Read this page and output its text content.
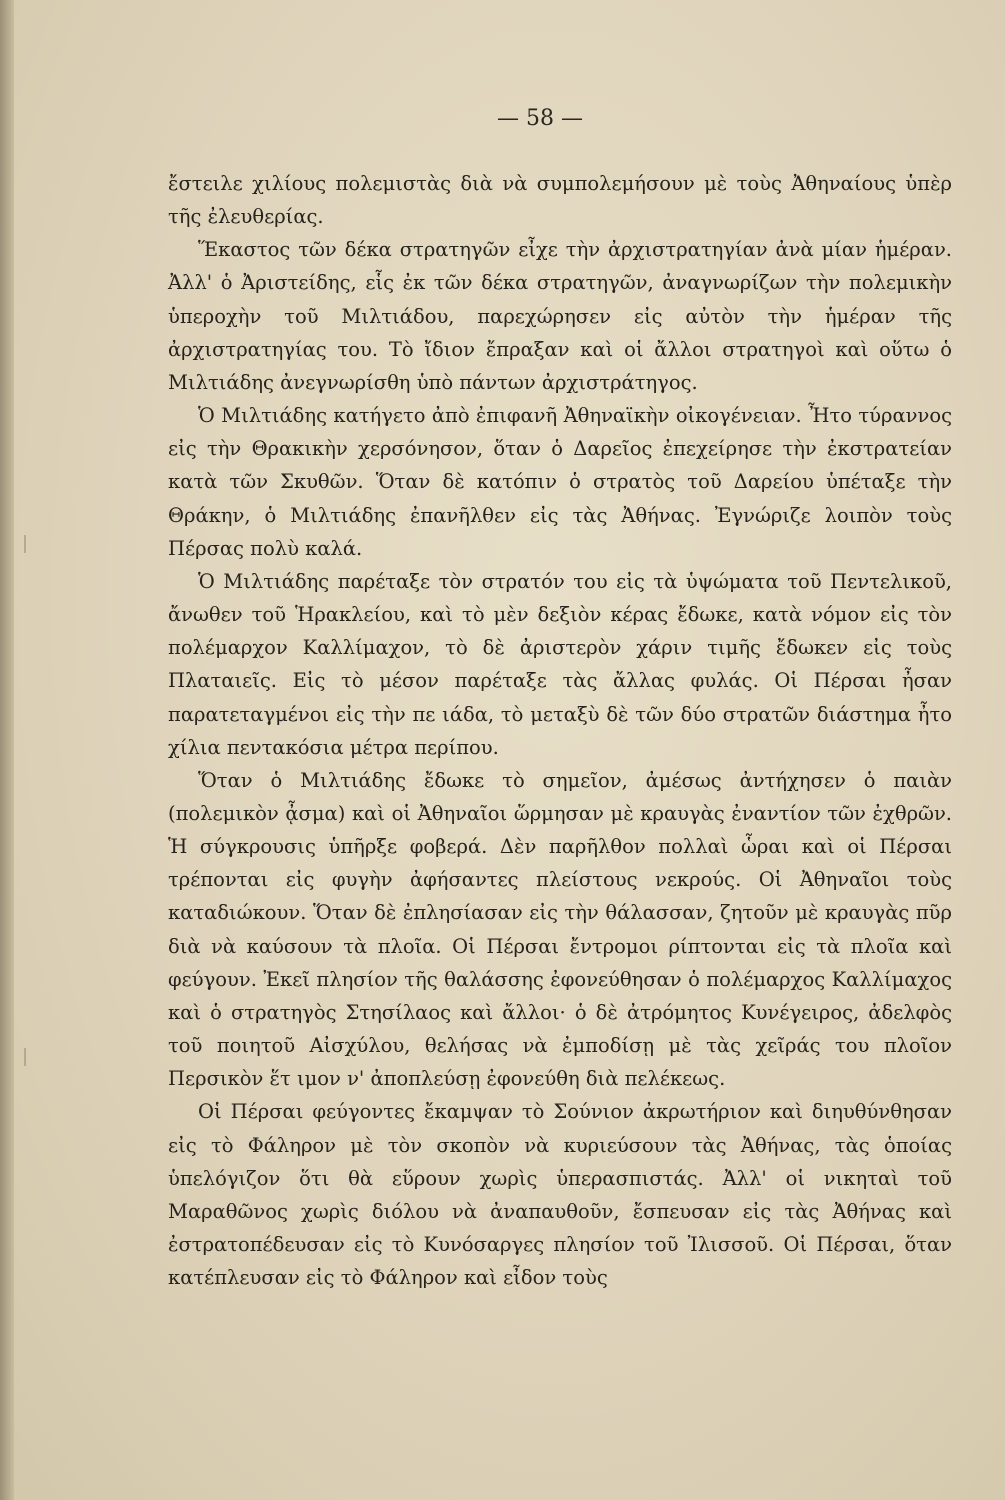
— 58 —

ἔστειλε χιλίους πολεμιστὰς διὰ νὰ συμπολεμήσουν μὲ τοὺς Ἀθηναίους ὑπὲρ τῆς ἐλευθερίας.

Ἕκαστος τῶν δέκα στρατηγῶν εἶχε τὴν ἀρχιστρατηγίαν ἀνὰ μίαν ἡμέραν. Ἀλλ' ὁ Ἀριστείδης, εἷς ἐκ τῶν δέκα στρατηγῶν, ἀναγνωρίζων τὴν πολεμικὴν ὑπεροχὴν τοῦ Μιλτιάδου, παρεχώρησεν εἰς αὐτὸν τὴν ἡμέραν τῆς ἀρχιστρατηγίας του. Τὸ ἴδιον ἔπραξαν καὶ οἱ ἄλλοι στρατηγοὶ καὶ οὕτω ὁ Μιλτιάδης ἀνεγνωρίσθη ὑπὸ πάντων ἀρχιστράτηγος.

Ὁ Μιλτιάδης κατήγετο ἀπὸ ἐπιφανῆ Ἀθηναϊκὴν οἰκογένειαν. Ἦτο τύραννος εἰς τὴν Θρακικὴν χερσόνησον, ὅταν ὁ Δαρεῖος ἐπεχείρησε τὴν ἐκστρατείαν κατὰ τῶν Σκυθῶν. Ὅταν δὲ κατόπιν ὁ στρατὸς τοῦ Δαρείου ὑπέταξε τὴν Θράκην, ὁ Μιλτιάδης ἐπανῆλθεν εἰς τὰς Ἀθήνας. Ἐγνώριζε λοιπὸν τοὺς Πέρσας πολὺ καλά.

Ὁ Μιλτιάδης παρέταξε τὸν στρατόν του εἰς τὰ ὑψώματα τοῦ Πεντελικοῦ, ἄνωθεν τοῦ Ἡρακλείου, καὶ τὸ μὲν δεξιὸν κέρας ἔδωκε, κατὰ νόμον εἰς τὸν πολέμαρχον Καλλίμαχον, τὸ δὲ ἀριστερὸν χάριν τιμῆς ἔδωκεν εἰς τοὺς Πλαταιεῖς. Εἰς τὸ μέσον παρέταξε τὰς ἄλλας φυλάς. Οἱ Πέρσαι ἦσαν παρατεταγμένοι εἰς τὴν πε ιάδα, τὸ μεταξὺ δὲ τῶν δύο στρατῶν διάστημα ἦτο χίλια πεντακόσια μέτρα περίπου.

Ὅταν ὁ Μιλτιάδης ἔδωκε τὸ σημεῖον, ἀμέσως ἀντήχησεν ὁ παιὰν (πολεμικὸν ᾆσμα) καὶ οἱ Ἀθηναῖοι ὥρμησαν μὲ κραυγὰς ἐναντίον τῶν ἐχθρῶν. Ἡ σύγκρουσις ὑπῆρξε φοβερά. Δὲν παρῆλθον πολλαὶ ὧραι καὶ οἱ Πέρσαι τρέπονται εἰς φυγὴν ἀφήσαντες πλείστους νεκρούς. Οἱ Ἀθηναῖοι τοὺς καταδιώκουν. Ὅταν δὲ ἐπλησίασαν εἰς τὴν θάλασσαν, ζητοῦν μὲ κραυγὰς πῦρ διὰ νὰ καύσουν τὰ πλοῖα. Οἱ Πέρσαι ἔντρομοι ρίπτονται εἰς τὰ πλοῖα καὶ φεύγουν. Ἐκεῖ πλησίον τῆς θαλάσσης ἐφονεύθησαν ὁ πολέμαρχος Καλλίμαχος καὶ ὁ στρατηγὸς Στησίλαος καὶ ἄλλοι· ὁ δὲ ἀτρόμητος Κυνέγειρος, ἀδελφὸς τοῦ ποιητοῦ Αἰσχύλου, θελήσας νὰ ἐμποδίσῃ μὲ τὰς χεῖράς του πλοῖον Περσικὸν ἕτ ιμον ν' ἀποπλεύσῃ ἐφονεύθη διὰ πελέκεως.

Οἱ Πέρσαι φεύγοντες ἔκαμψαν τὸ Σούνιον ἀκρωτήριον καὶ διηυθύνθησαν εἰς τὸ Φάληρον μὲ τὸν σκοπὸν νὰ κυριεύσουν τὰς Ἀθήνας, τὰς ὁποίας ὑπελόγιζον ὅτι θὰ εὕρουν χωρὶς ὑπερασπιστάς. Ἀλλ' οἱ νικηταὶ τοῦ Μαραθῶνος χωρὶς διόλου νὰ ἀναπαυθοῦν, ἔσπευσαν εἰς τὰς Ἀθήνας καὶ ἐστρατοπέδευσαν εἰς τὸ Κυνόσαργες πλησίον τοῦ Ἰλισσοῦ. Οἱ Πέρσαι, ὅταν κατέπλευσαν εἰς τὸ Φάληρον καὶ εἶδον τοὺς
